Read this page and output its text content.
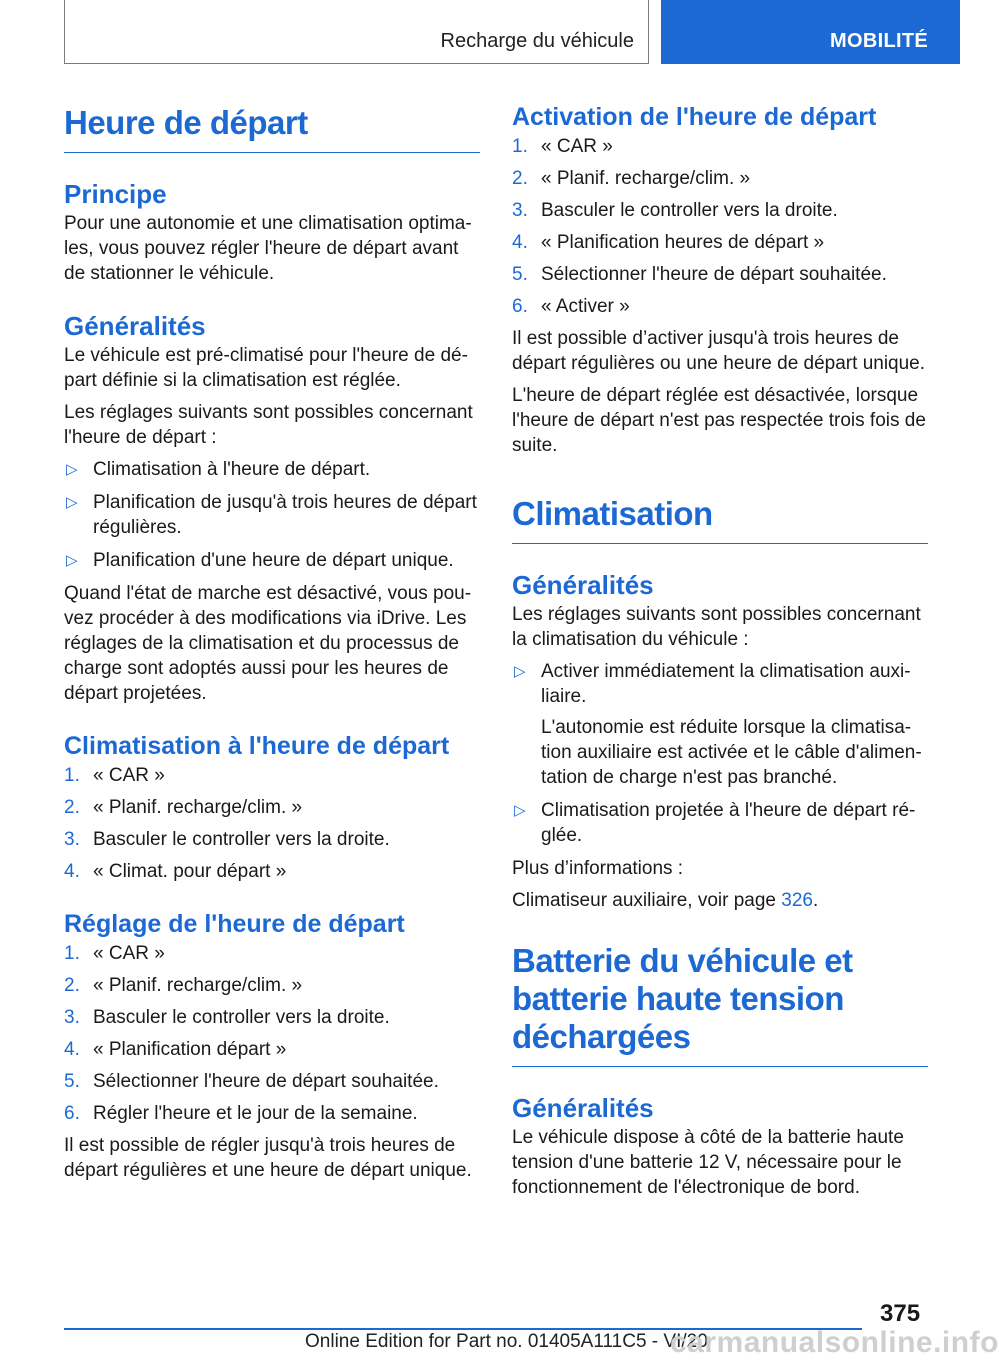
Recharge du véhicule	MOBILITÉ
Heure de départ
Principe

Pour une autonomie et une climatisation optimales, vous pouvez régler l'heure de départ avant de stationner le véhicule.

Généralités

Le véhicule est pré-climatisé pour l'heure de départ définie si la climatisation est réglée.

Les réglages suivants sont possibles concernant l'heure de départ :

▷ Climatisation à l'heure de départ.
▷ Planification de jusqu'à trois heures de départ régulières.
▷ Planification d'une heure de départ unique.

Quand l'état de marche est désactivé, vous pouvez procéder à des modifications via iDrive. Les réglages de la climatisation et du processus de charge sont adoptés aussi pour les heures de départ projetées.

Climatisation à l'heure de départ
1. « CAR »
2. « Planif. recharge/clim. »
3. Basculer le controller vers la droite.
4. « Climat. pour départ »
Réglage de l'heure de départ
1. « CAR »
2. « Planif. recharge/clim. »
3. Basculer le controller vers la droite.
4. « Planification départ »
5. Sélectionner l'heure de départ souhaitée.
6. Régler l'heure et le jour de la semaine.

Il est possible de régler jusqu'à trois heures de départ régulières et une heure de départ unique.

Activation de l'heure de départ
1. « CAR »
2. « Planif. recharge/clim. »
3. Basculer le controller vers la droite.
4. « Planification heures de départ »
5. Sélectionner l'heure de départ souhaitée.
6. « Activer »

Il est possible d’activer jusqu'à trois heures de départ régulières ou une heure de départ unique.

L'heure de départ réglée est désactivée, lorsque l'heure de départ n'est pas respectée trois fois de suite.

Climatisation
Généralités

Les réglages suivants sont possibles concernant la climatisation du véhicule :

▷ Activer immédiatement la climatisation auxiliaire.

L'autonomie est réduite lorsque la climatisation auxiliaire est activée et le câble d'alimentation de charge n'est pas branché.

▷ Climatisation projetée à l'heure de départ réglée.

Plus d’informations :

Climatiseur auxiliaire, voir page 326.

Batterie du véhicule et batterie haute tension déchargées
Généralités

Le véhicule dispose à côté de la batterie haute tension d'une batterie 12 V, nécessaire pour le fonctionnement de l'électronique de bord.

375
Online Edition for Part no. 01405A111C5 - VI/20
carmanualsonline.info
